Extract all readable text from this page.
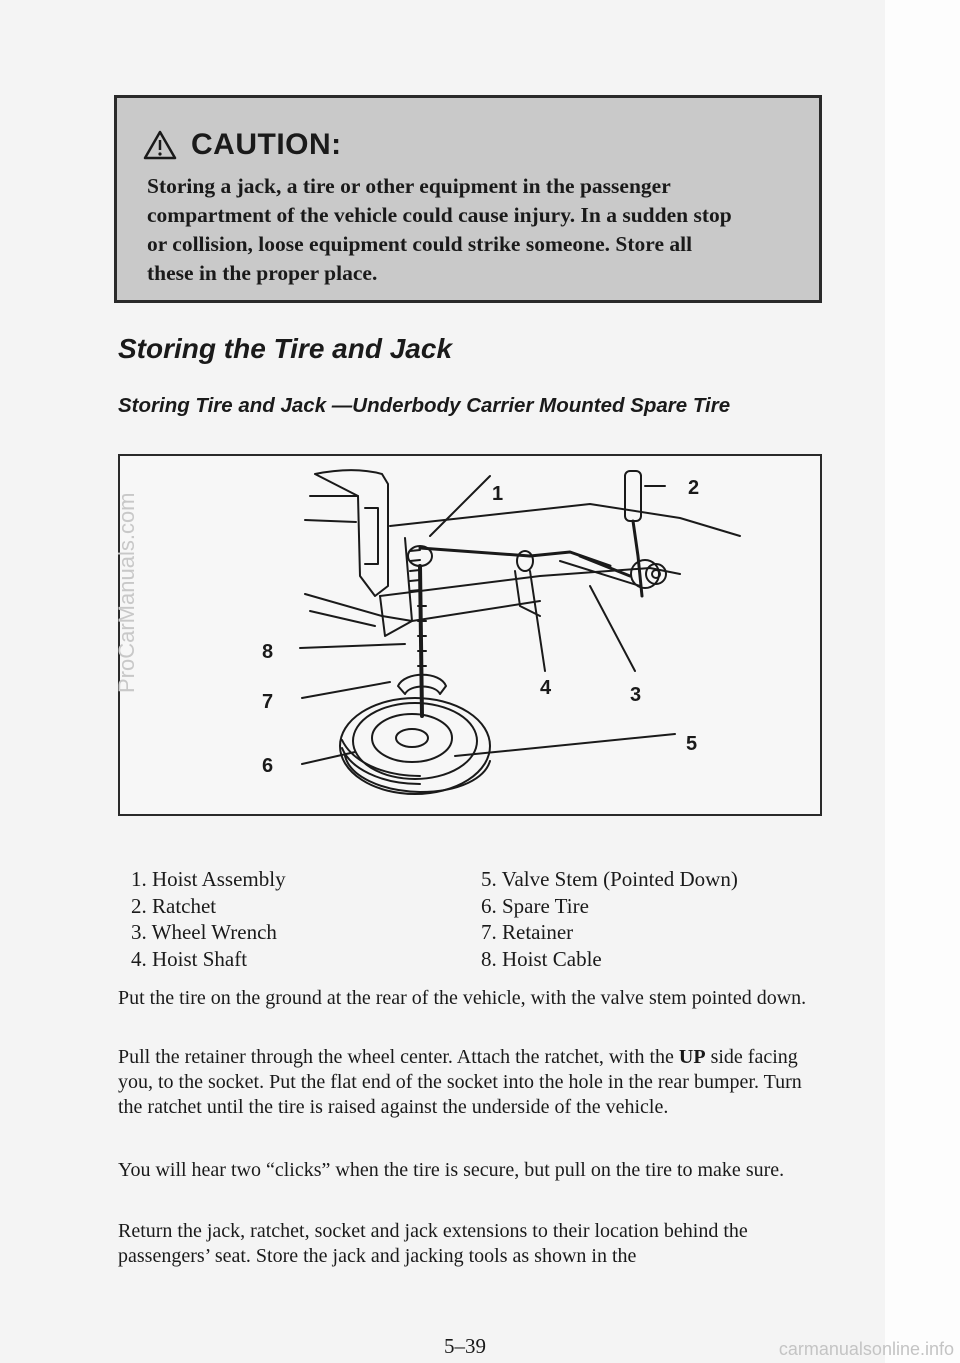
CAUTION:
Storing a jack, a tire or other equipment in the passenger
compartment of the vehicle could cause injury. In a sudden stop
or collision, loose equipment could strike someone. Store all
these in the proper place.
Storing the Tire and Jack
Storing Tire and Jack —Underbody Carrier Mounted Spare Tire
1	2
3
4
5
6
7
8
1. Hoist Assembly
2. Ratchet
3. Wheel Wrench
4. Hoist Shaft
5. Valve Stem (Pointed Down)
6. Spare Tire
7. Retainer
8. Hoist Cable
Put the tire on the ground at the rear of the vehicle, with the valve stem pointed down.
Pull the retainer through the wheel center. Attach the ratchet, with the UP side facing you, to the socket. Put the flat end of the socket into the hole in the rear bumper. Turn the ratchet until the tire is raised against the underside of the vehicle.
You will hear two “clicks” when the tire is secure, but pull on the tire to make sure.
Return the jack, ratchet, socket and jack extensions to their location behind the passengers’ seat. Store the jack and jacking tools as shown in the
5–39
ProCarManuals.com
carmanualsonline.info
